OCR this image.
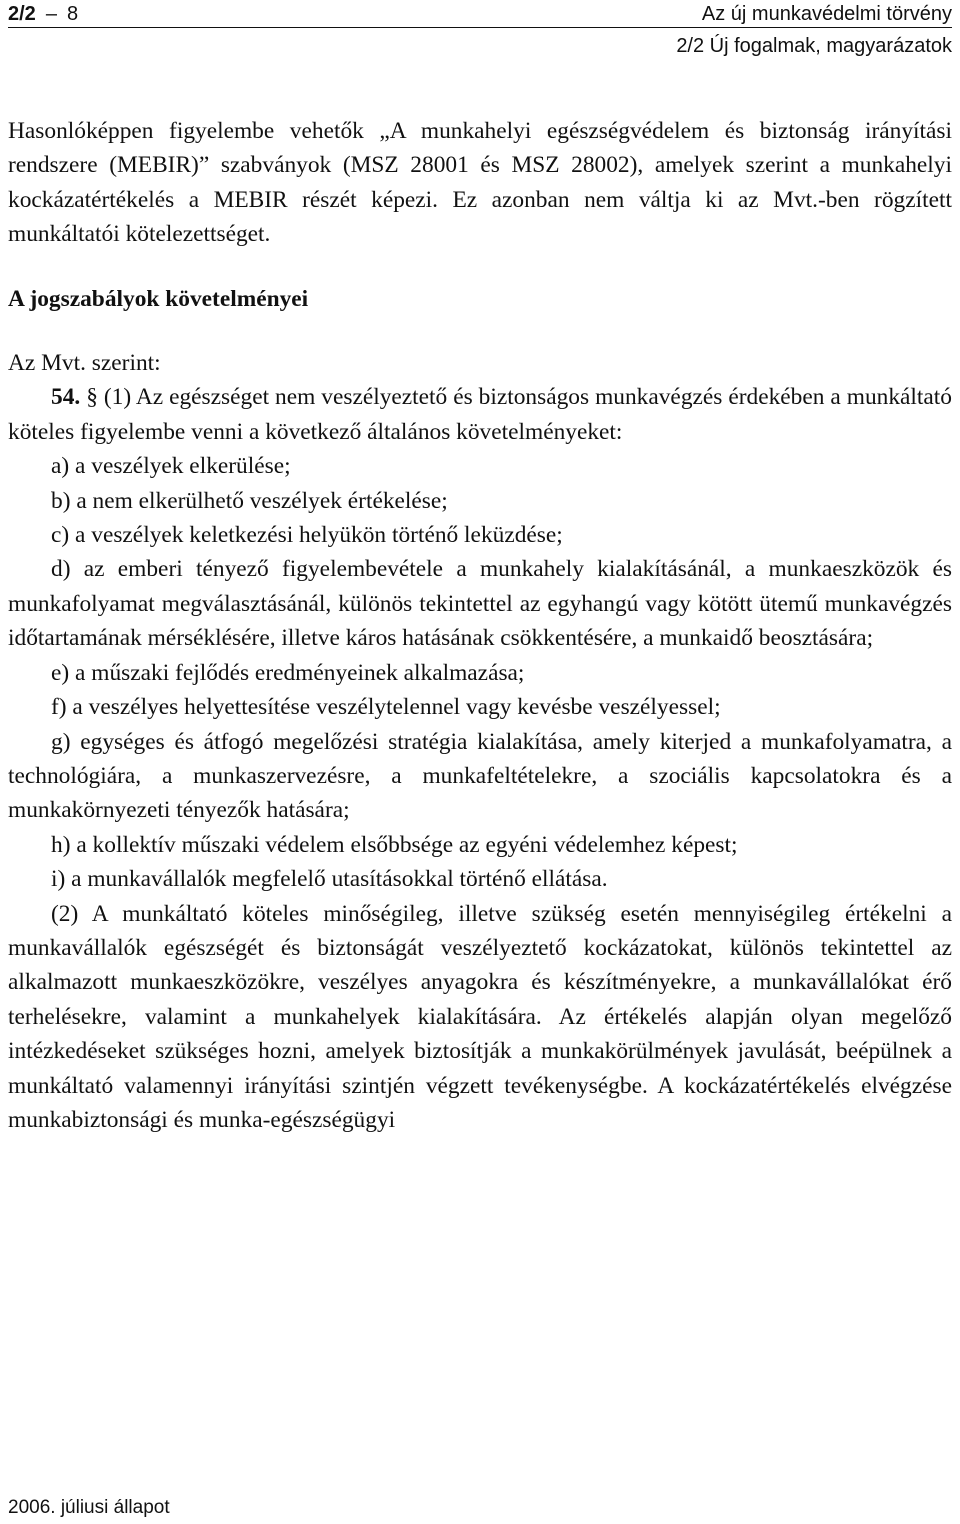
2/2 – 8	Az új munkavédelmi törvény
2/2 Új fogalmak, magyarázatok

Hasonlóképpen figyelembe vehetők „A munkahelyi egészségvédelem és biztonság irányítási rendszere (MEBIR)” szabványok (MSZ 28001 és MSZ 28002), amelyek szerint a munkahelyi kockázatértékelés a MEBIR részét képezi. Ez azonban nem váltja ki az Mvt.-ben rögzített munkáltatói kötelezettséget.

A jogszabályok követelményei

Az Mvt. szerint:

54. § (1) Az egészséget nem veszélyeztető és biztonságos munkavégzés érdekében a munkáltató köteles figyelembe venni a következő általános követelményeket:

a) a veszélyek elkerülése;

b) a nem elkerülhető veszélyek értékelése;

c) a veszélyek keletkezési helyükön történő leküzdése;

d) az emberi tényező figyelembevétele a munkahely kialakításánál, a munkaeszközök és munkafolyamat megválasztásánál, különös tekintettel az egyhangú vagy kötött ütemű munkavégzés időtartamának mérséklésére, illetve káros hatásának csökkentésére, a munkaidő beosztására;

e) a műszaki fejlődés eredményeinek alkalmazása;

f) a veszélyes helyettesítése veszélytelennel vagy kevésbe veszélyessel;

g) egységes és átfogó megelőzési stratégia kialakítása, amely kiterjed a munkafolyamatra, a technológiára, a munkaszervezésre, a munkafeltételekre, a szociális kapcsolatokra és a munkakörnyezeti tényezők hatására;

h) a kollektív műszaki védelem elsőbbsége az egyéni védelemhez képest;

i) a munkavállalók megfelelő utasításokkal történő ellátása.

(2) A munkáltató köteles minőségileg, illetve szükség esetén mennyiségileg értékelni a munkavállalók egészségét és biztonságát veszélyeztető kockázatokat, különös tekintettel az alkalmazott munkaeszközökre, veszélyes anyagokra és készítményekre, a munkavállalókat érő terhelésekre, valamint a munkahelyek kialakítására. Az értékelés alapján olyan megelőző intézkedéseket szükséges hozni, amelyek biztosítják a munkakörülmények javulását, beépülnek a munkáltató valamennyi irányítási szintjén végzett tevékenységbe. A kockázatértékelés elvégzése munkabiztonsági és munka-egészségügyi

2006. júliusi állapot
